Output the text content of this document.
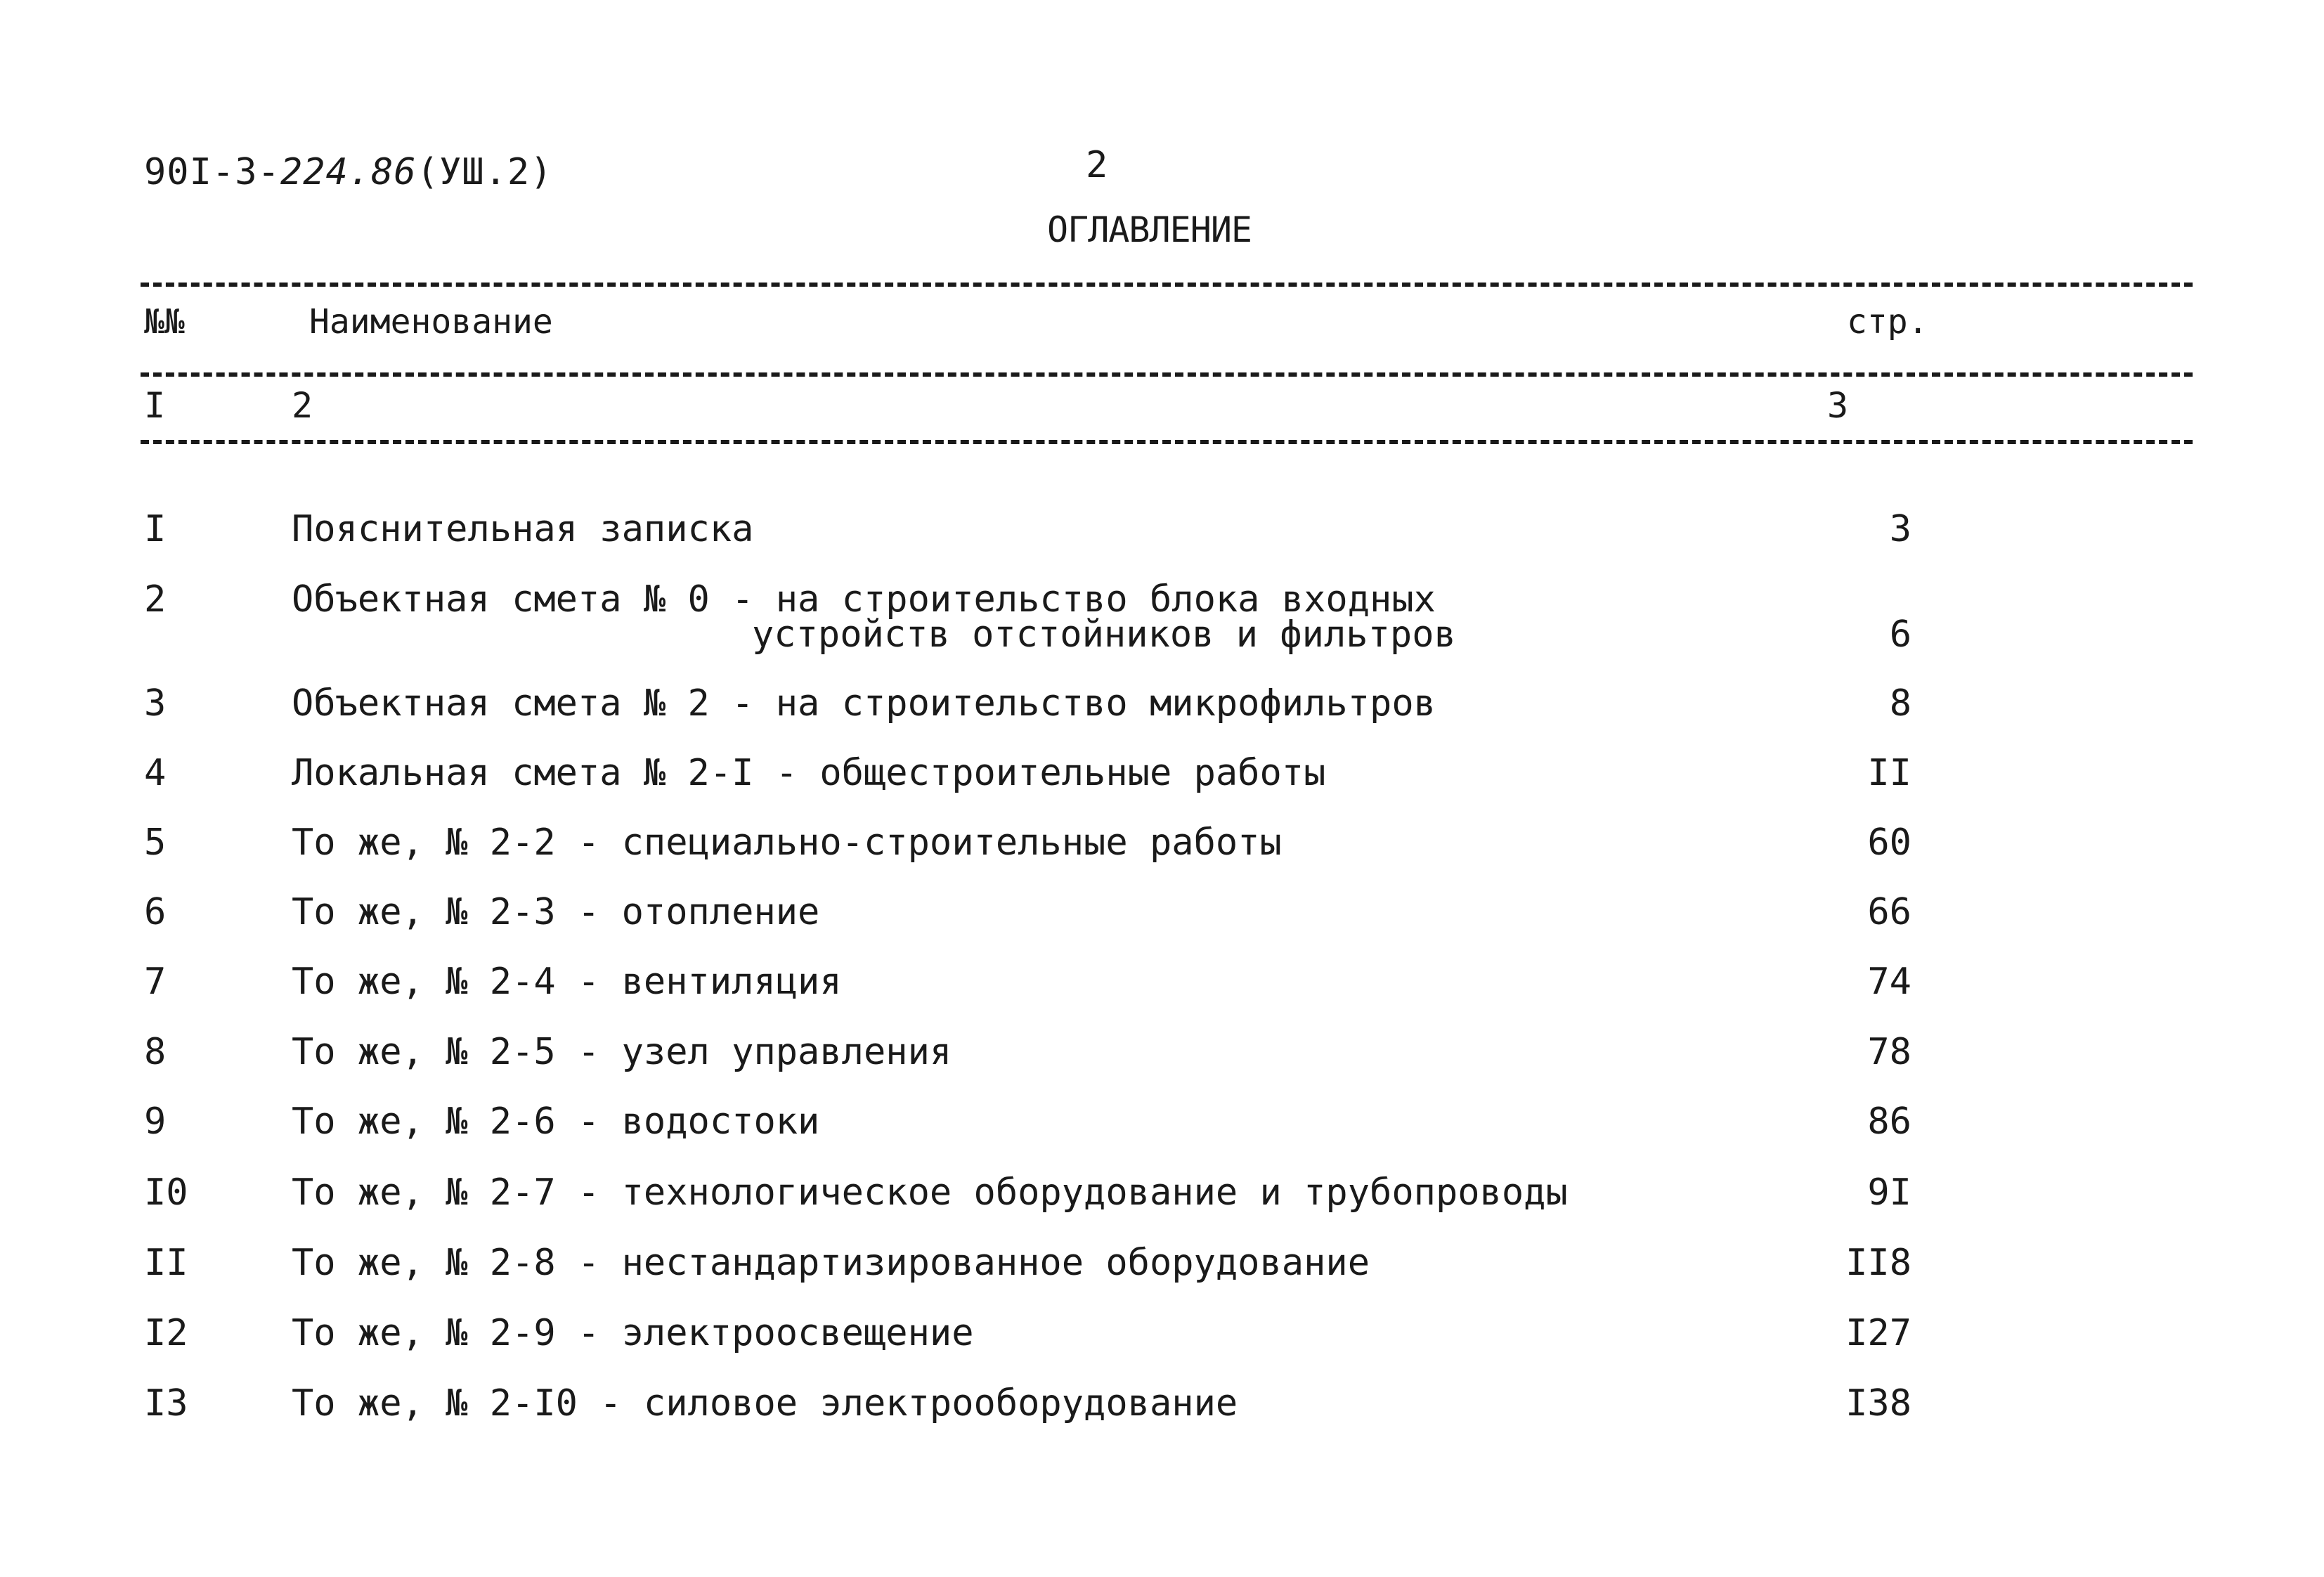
90I-3-224.86(УШ.2)	2
ОГЛАВЛЕНИЕ
№№	Наименование	стр.
I	2	3
I	Пояснительная записка	3
2	Объектная смета № 0 - на строительство блока входных
устройств отстойников и фильтров	6
3	Объектная смета № 2 - на строительство микрофильтров	8
4	Локальная смета № 2-I - общестроительные работы	II
5	То же, № 2-2 - специально-строительные работы	60
6	То же, № 2-3 - отопление	66
7	То же, № 2-4 - вентиляция	74
8	То же, № 2-5 - узел управления	78
9	То же, № 2-6 - водостоки	86
I0	То же, № 2-7 - технологическое оборудование и трубопроводы	9I
II	То же, № 2-8 - нестандартизированное оборудование	II8
I2	То же, № 2-9 - электроосвещение	I27
I3	То же, № 2-I0 - силовое электрооборудование	I38
